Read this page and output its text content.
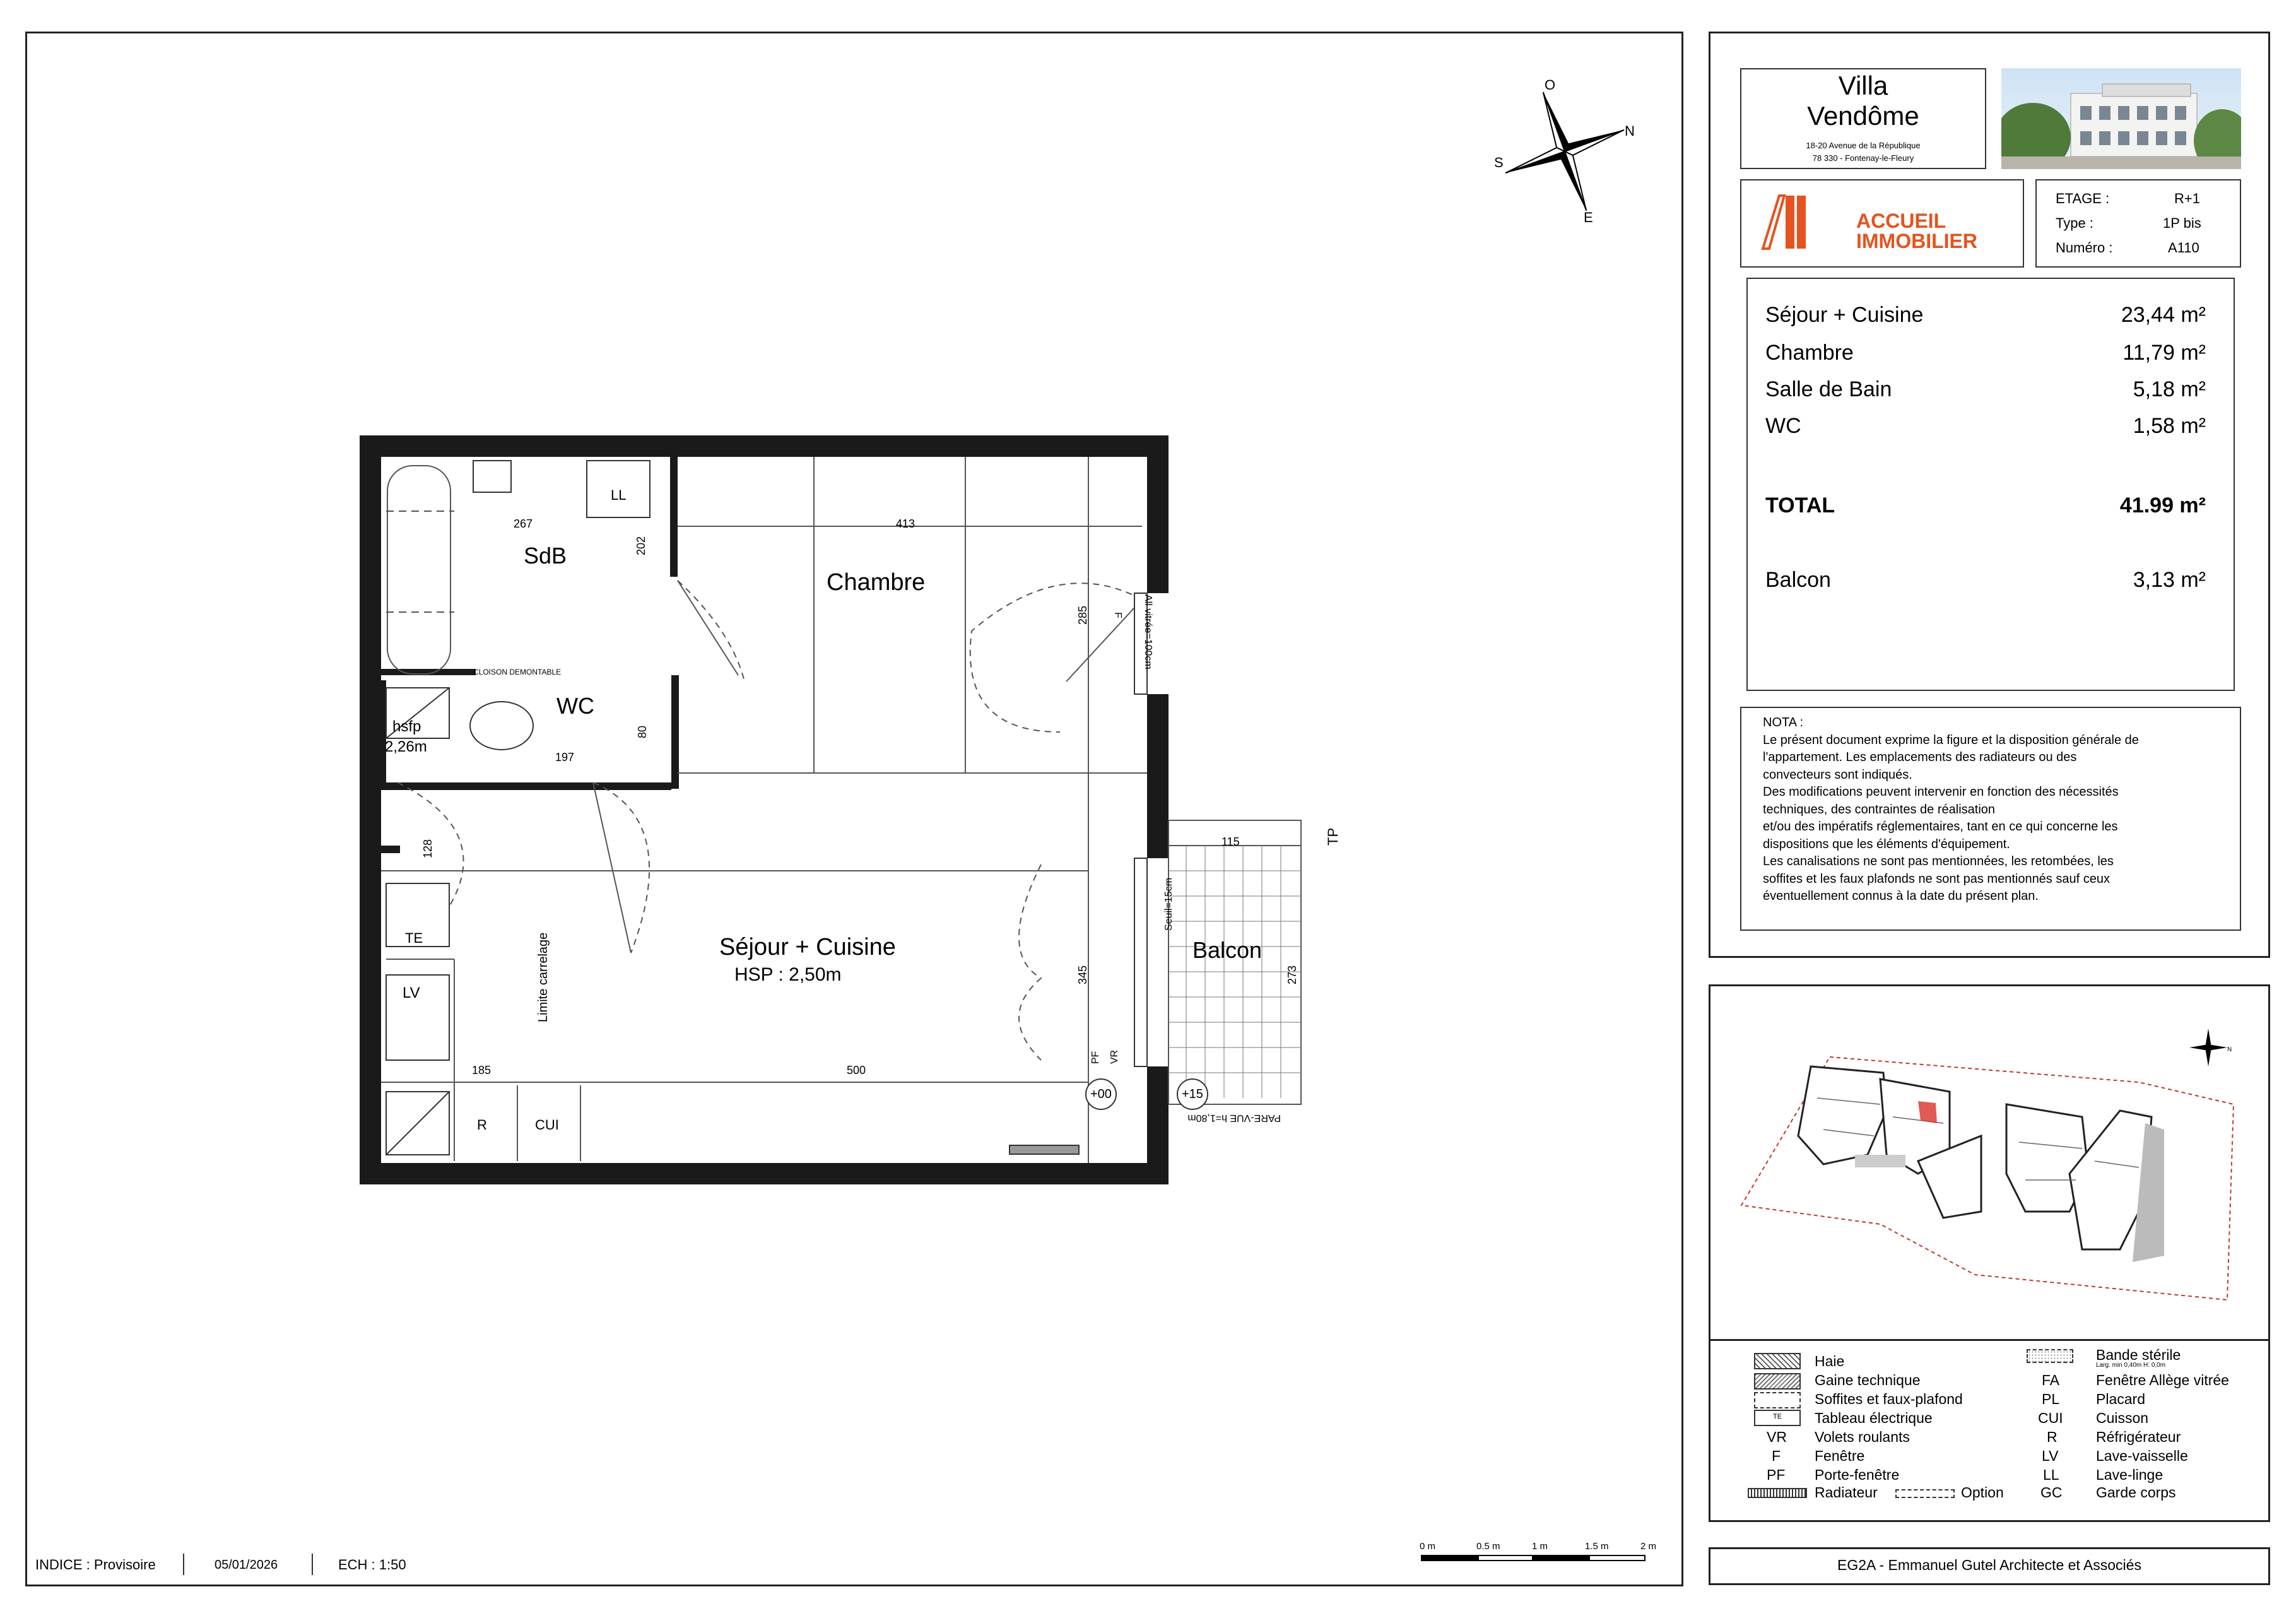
INDICE : Provisoire	05/01/2026	ECH : 1:50
0 m	0.5 m	1 m	1.5 m	2 m
O
N
E
S
SdB
WC
Chambre
Séjour + Cuisine
HSP : 2,50m
Balcon
LL
LV
TE
R	CUI
hsfp
2,26m
CLOISON DEMONTABLE
Limite carrelage
All vitrée=100cm
Seuil=15cm
PARE-VUE h=1,80m
TP
PF VR
F
+00	+15
267	413
202
80
197
128
285
345	273
115
185	500
Villa
Vendôme
18-20 Avenue de la République
78 330 - Fontenay-le-Fleury
ACCUEIL
IMMOBILIER
ETAGE :	R+1
Type :	1P bis
Numéro :	A110
Séjour + Cuisine	23,44 m²
Chambre	11,79 m²
Salle de Bain	5,18 m²
WC	1,58 m²
TOTAL	41.99 m²
Balcon	3,13 m²
NOTA :
Le présent document exprime la figure et la disposition générale de
l'appartement. Les emplacements des radiateurs ou des
convecteurs sont indiqués.
Des modifications peuvent intervenir en fonction des nécessités
techniques, des contraintes de réalisation
et/ou des impératifs réglementaires, tant en ce qui concerne les
dispositions que les éléments d'équipement.
Les canalisations ne sont pas mentionnées, les retombées, les
soffites et les faux plafonds ne sont pas mentionnés sauf ceux
éventuellement connus à la date du présent plan.
N
Haie
Gaine technique
Soffites et faux-plafond
TE	Tableau électrique
VR Volets roulants
F Fenêtre
PF Porte-fenêtre
Radiateur	Option
Bande stérile
Larg. min 0,40m H: 0,0m
FA	Fenêtre Allège vitrée
PL	Placard
CUI Cuisson
R	Réfrigérateur
LV	Lave-vaisselle
LL	Lave-linge
GC Garde corps
EG2A - Emmanuel Gutel Architecte et Associés
